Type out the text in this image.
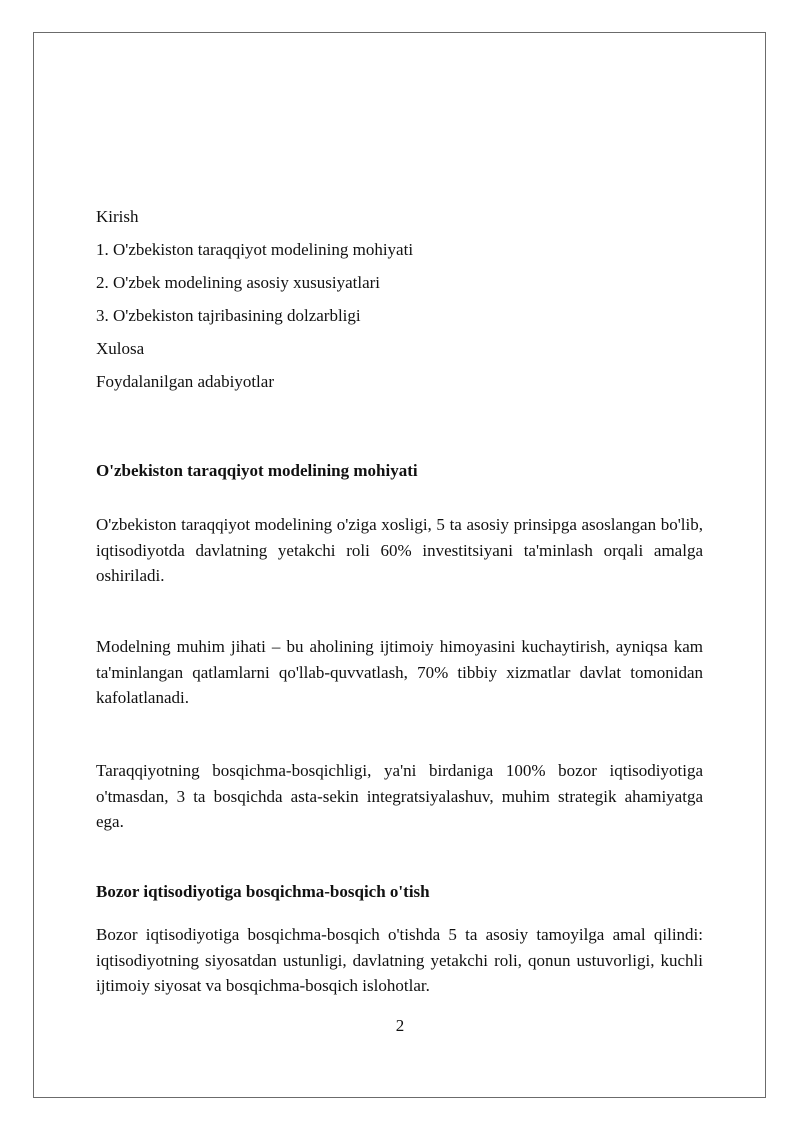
Kirish
1. O'zbekiston taraqqiyot modelining mohiyati
2. O'zbek modelining asosiy xususiyatlari
3. O'zbekiston tajribasining dolzarbligi
Xulosa
Foydalanilgan adabiyotlar
O'zbekiston taraqqiyot modelining mohiyati

O'zbekiston taraqqiyot modelining o'ziga xosligi, 5 ta asosiy prinsipga asoslangan bo'lib, iqtisodiyotda davlatning yetakchi roli 60% investitsiyani ta'minlash orqali amalga oshiriladi.

Modelning muhim jihati – bu aholining ijtimoiy himoyasini kuchaytirish, ayniqsa kam ta'minlangan qatlamlarni qo'llab-quvvatlash, 70% tibbiy xizmatlar davlat tomonidan kafolatlanadi.

Taraqqiyotning bosqichma-bosqichligi, ya'ni birdaniga 100% bozor iqtisodiyotiga o'tmasdan, 3 ta bosqichda asta-sekin integratsiyalashuv, muhim strategik ahamiyatga ega.

Bozor iqtisodiyotiga bosqichma-bosqich o'tish

Bozor iqtisodiyotiga bosqichma-bosqich o'tishda 5 ta asosiy tamoyilga amal qilindi: iqtisodiyotning siyosatdan ustunligi, davlatning yetakchi roli, qonun ustuvorligi, kuchli ijtimoiy siyosat va bosqichma-bosqich islohotlar.

2
